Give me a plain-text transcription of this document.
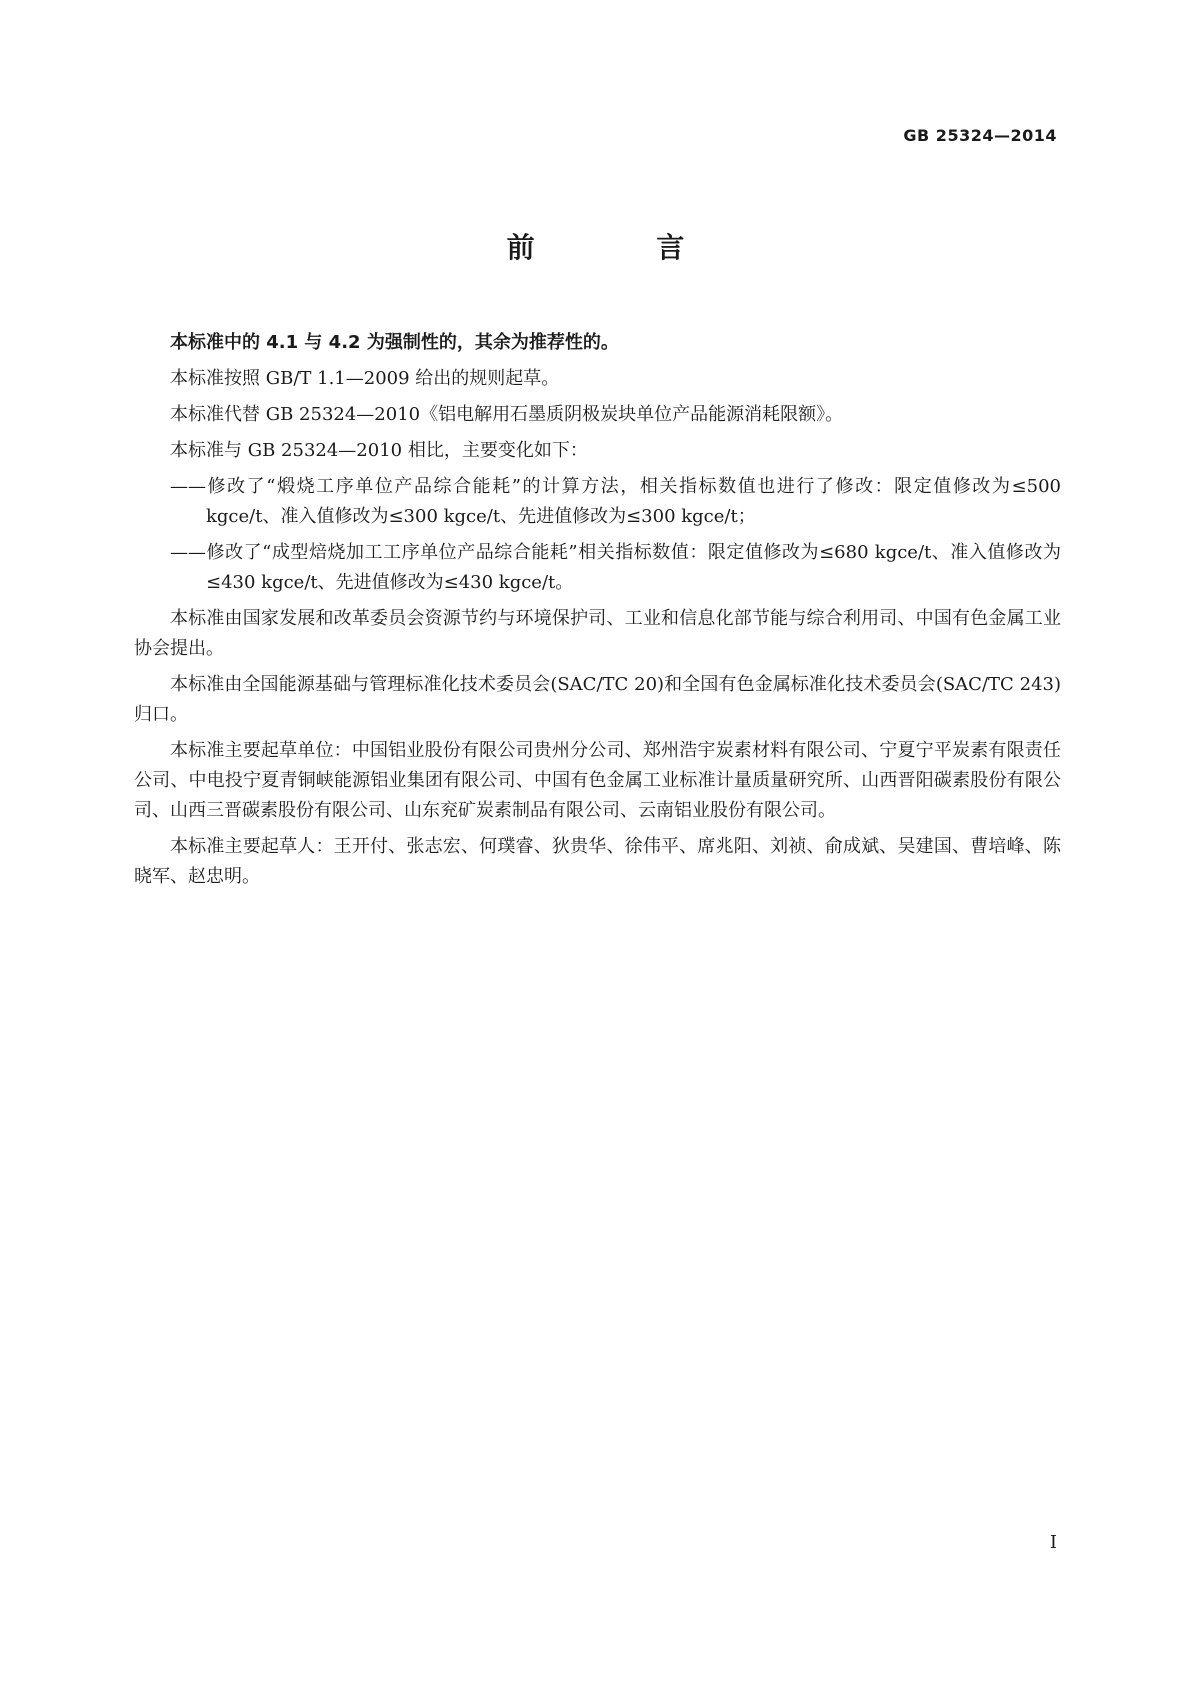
GB 25324—2014
前 言

本标准中的 4.1 与 4.2 为强制性的，其余为推荐性的。

本标准按照 GB/T 1.1—2009 给出的规则起草。

本标准代替 GB 25324—2010《铝电解用石墨质阴极炭块单位产品能源消耗限额》。

本标准与 GB 25324—2010 相比，主要变化如下：

——修改了“煅烧工序单位产品综合能耗”的计算方法，相关指标数值也进行了修改：限定值修改为≤500 kgce/t、准入值修改为≤300 kgce/t、先进值修改为≤300 kgce/t；
——修改了“成型焙烧加工工序单位产品综合能耗”相关指标数值：限定值修改为≤680 kgce/t、准入值修改为≤430 kgce/t、先进值修改为≤430 kgce/t。

本标准由国家发展和改革委员会资源节约与环境保护司、工业和信息化部节能与综合利用司、中国有色金属工业协会提出。

本标准由全国能源基础与管理标准化技术委员会(SAC/TC 20)和全国有色金属标准化技术委员会(SAC/TC 243)归口。

本标准主要起草单位：中国铝业股份有限公司贵州分公司、郑州浩宇炭素材料有限公司、宁夏宁平炭素有限责任公司、中电投宁夏青铜峡能源铝业集团有限公司、中国有色金属工业标准计量质量研究所、山西晋阳碳素股份有限公司、山西三晋碳素股份有限公司、山东兖矿炭素制品有限公司、云南铝业股份有限公司。

本标准主要起草人：王开付、张志宏、何璞睿、狄贵华、徐伟平、席兆阳、刘祯、俞成斌、吴建国、曹培峰、陈晓军、赵忠明。

I
